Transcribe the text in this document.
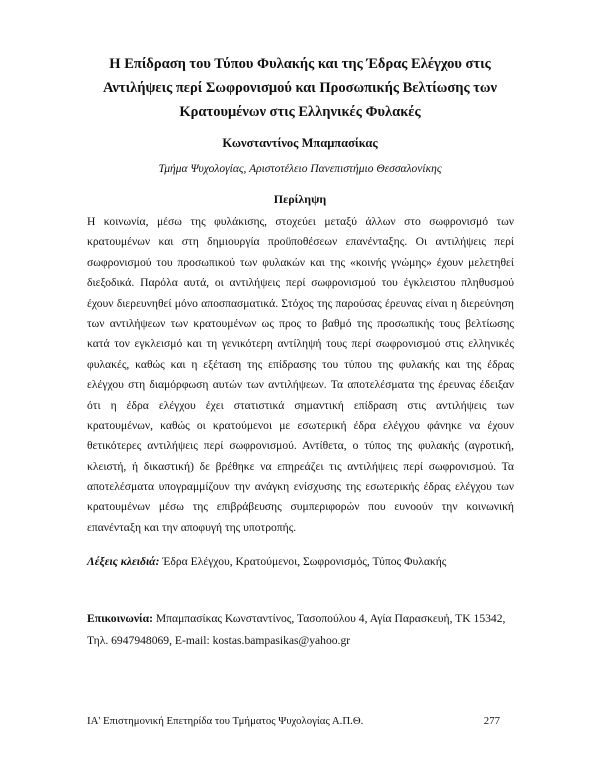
Η Επίδραση του Τύπου Φυλακής και της Έδρας Ελέγχου στις
Αντιλήψεις περί Σωφρονισμού και Προσωπικής Βελτίωσης των
Κρατουμένων στις Ελληνικές Φυλακές
Κωνσταντίνος Μπαμπασίκας
Τμήμα Ψυχολογίας, Αριστοτέλειο Πανεπιστήμιο Θεσσαλονίκης
Περίληψη
Η κοινωνία, μέσω της φυλάκισης, στοχεύει μεταξύ άλλων στο σωφρονισμό των
κρατουμένων και στη δημιουργία προϋποθέσεων επανένταξης. Οι αντιλήψεις περί
σωφρονισμού του προσωπικού των φυλακών και της «κοινής γνώμης» έχουν μελετηθεί
διεξοδικά. Παρόλα αυτά, οι αντιλήψεις περί σωφρονισμού του έγκλειστου πληθυσμού
έχουν διερευνηθεί μόνο αποσπασματικά. Στόχος της παρούσας έρευνας είναι η διερεύνηση
των αντιλήψεων των κρατουμένων ως προς το βαθμό της προσωπικής τους βελτίωσης
κατά τον εγκλεισμό και τη γενικότερη αντίληψή τους περί σωφρονισμού στις ελληνικές
φυλακές, καθώς και η εξέταση της επίδρασης του τύπου της φυλακής και της έδρας
ελέγχου στη διαμόρφωση αυτών των αντιλήψεων. Τα αποτελέσματα της έρευνας έδειξαν
ότι η έδρα ελέγχου έχει στατιστικά σημαντική επίδραση στις αντιλήψεις των
κρατουμένων, καθώς οι κρατούμενοι με εσωτερική έδρα ελέγχου φάνηκε να έχουν
θετικότερες αντιλήψεις περί σωφρονισμού. Αντίθετα, ο τύπος της φυλακής (αγροτική,
κλειστή, ή δικαστική) δε βρέθηκε να επηρεάζει τις αντιλήψεις περί σωφρονισμού. Τα
αποτελέσματα υπογραμμίζουν την ανάγκη ενίσχυσης της εσωτερικής έδρας ελέγχου των
κρατουμένων μέσω της επιβράβευσης συμπεριφορών που ευνοούν την κοινωνική
επανένταξη και την αποφυγή της υποτροπής.
Λέξεις κλειδιά: Έδρα Ελέγχου, Κρατούμενοι, Σωφρονισμός, Τύπος Φυλακής
Επικοινωνία: Μπαμπασίκας Κωνσταντίνος, Τασοπούλου 4, Αγία Παρασκευή, ΤΚ 15342,
Τηλ. 6947948069, E-mail: kostas.bampasikas@yahoo.gr
ΙΑ' Επιστημονική Επετηρίδα του Τμήματος Ψυχολογίας Α.Π.Θ.	277
